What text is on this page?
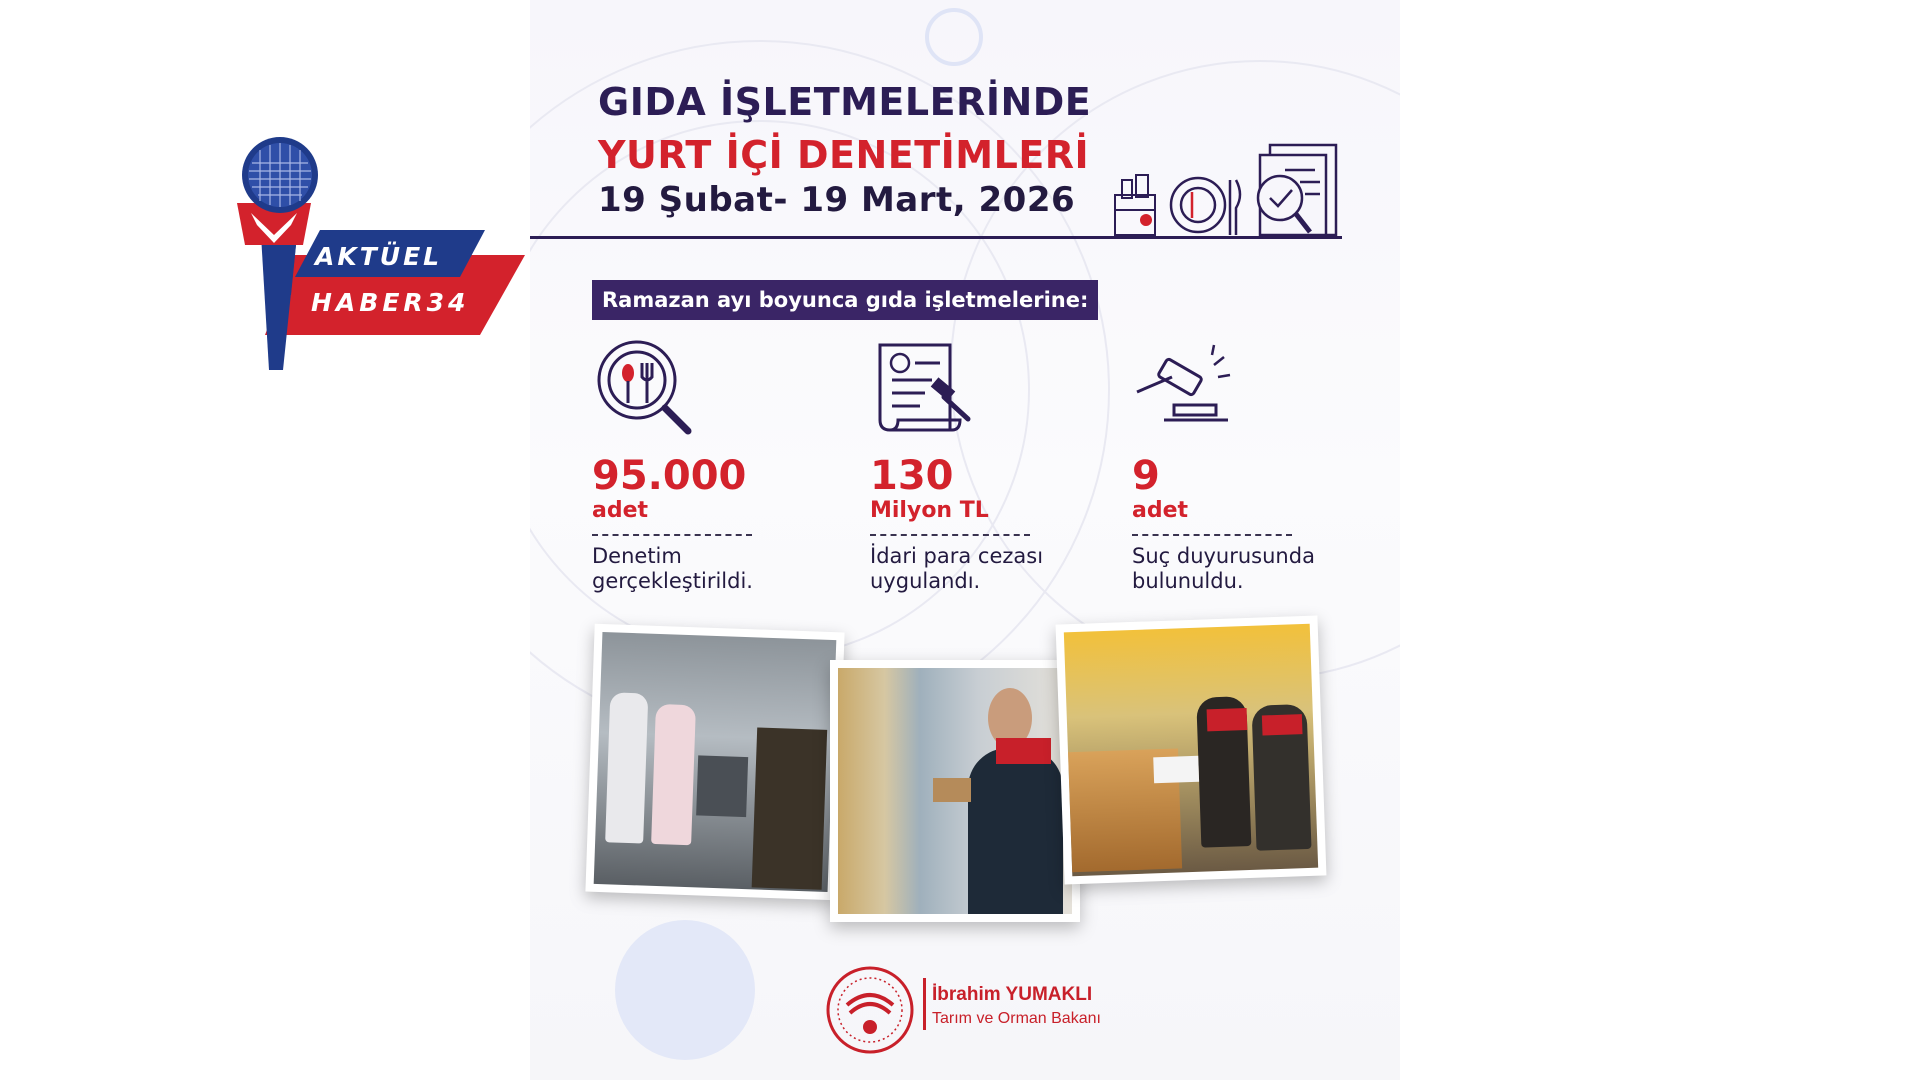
AKTÜEL
HABER34
GIDA İŞLETMELERİNDE
YURT İÇİ DENETİMLERİ
19 Şubat- 19 Mart, 2026
Ramazan ayı boyunca gıda işletmelerine:
95.000
adet
Denetim
gerçekleştirildi.
130
Milyon TL
İdari para cezası
uygulandı.
9
adet
Suç duyurusunda
bulunuldu.
İbrahim YUMAKLI
Tarım ve Orman Bakanı
